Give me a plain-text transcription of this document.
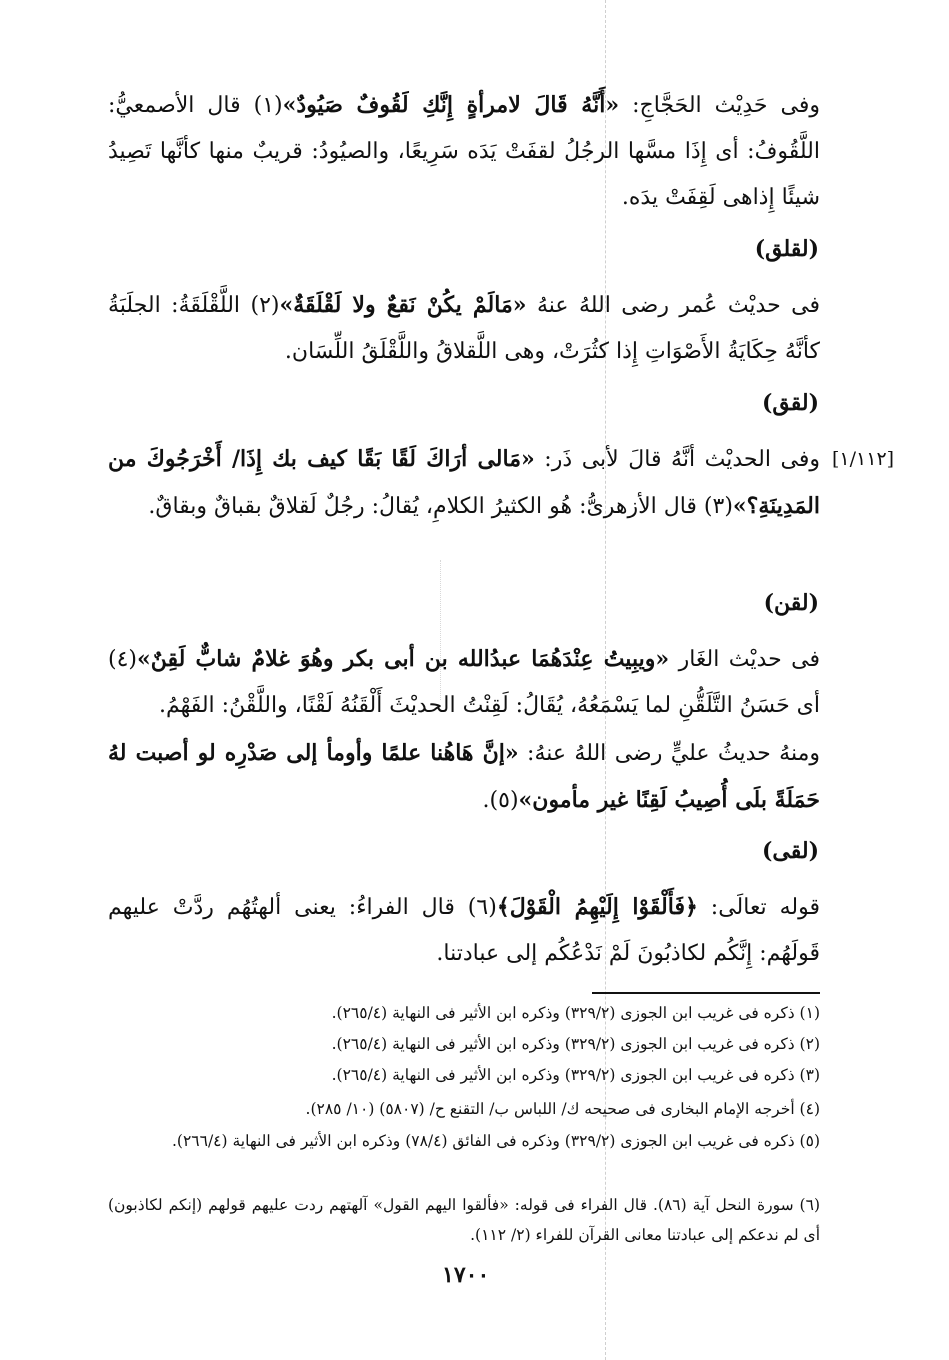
وفى حَدِيْث الحَجَّاجِ: «أَنَّهُ قَالَ لامرأةٍ إِنَّكِ لَقُوفٌ صَيُودٌ»(١) قال الأصمعيُّ: اللَّقُوفُ: أى إِذَا مسَّها الرجُلُ لقفَتْ يَدَه سَرِيعًا، والصيُودُ: قريبٌ منها كأنَّها تَصِيدُ شيئًا إِذاهى لَقِفَتْ يدَه.
(لقلق)
فى حديْث عُمر رضى اللهُ عنهُ «مَالَمْ يكُنْ نَقعٌ ولا لَقْلَقَةٌ»(٢) اللَّقْلَقَةُ: الجلَبَةُ كأنَّهُ حِكَايَةُ الأَصْوَاتِ إِذا كثُرَتْ، وهى اللَّقلاقُ واللَّقْلَقُ اللِّسَان.
(لقق)
[١/١١٢]
وفى الحديْث أنَّهُ قالَ لأبى ذَر: «مَالى أرَاكَ لَقًا بَقًا كيف بك إِذَا/ أَخْرَجُوكَ من المَدِينَةِ؟»(٣) قال الأزهرىُّ: هُو الكثيرُ الكلامِ، يُقالُ: رجُلٌ لَقلاقٌ بقباقٌ وبقاقٌ.
(لقن)
فى حديْث الغَار «ويبِيتُ عِنْدَهُمَا عبدُالله بن أبى بكر وهُوَ غلامٌ شابٌّ لَقِنٌ»(٤) أى حَسَنُ التَّلَقُّنِ لما يَسْمَعُهُ، يُقَالُ: لَقِنْتُ الحديْثَ أَلْقَنُهُ لَقْنًا، واللَّقْنُ: الفَهْمُ.
ومنهُ حديثُ عليٍّ رضى اللهُ عنهُ: «إنَّ هَاهُنا علمًا وأومأ إلى صَدْرِه لو أصبت لهُ حَمَلَةً بلَى أُصِيبُ لَقِنًا غير مأمون»(٥).
(لقى)
قوله تعالَى: ﴿فَأَلْقَوْا إِلَيْهِمُ الْقَوْلَ﴾(٦) قال الفراءُ: يعنى ألهتُهُم ردَّتْ عليهم قَولَهُم: إِنَّكُم لكاذبُونَ لَمْ نَدْعُكُم إلى عبادتنا.
(١) ذكره فى غريب ابن الجوزى (٣٢٩/٢) وذكره ابن الأثير فى النهاية (٢٦٥/٤).
(٢) ذكره فى غريب ابن الجوزى (٣٢٩/٢) وذكره ابن الأثير فى النهاية (٢٦٥/٤).
(٣) ذكره فى غريب ابن الجوزى (٣٢٩/٢) وذكره ابن الأثير فى النهاية (٢٦٥/٤).
(٤) أخرجه الإمام البخارى فى صحيحه ك/ اللباس ب/ التقنع ح/ (٥٨٠٧) (١٠/ ٢٨٥).
(٥) ذكره فى غريب ابن الجوزى (٣٢٩/٢) وذكره فى الفائق (٧٨/٤) وذكره ابن الأثير فى النهاية (٢٦٦/٤).
(٦) سورة النحل آية (٨٦). قال الفراء فى قوله: «فألقوا اليهم القول» آلهتهم ردت عليهم قولهم (إنكم لكاذبون) أى لم ندعكم إلى عبادتنا معانى القرآن للفراء (٢/ ١١٢).
١٧٠٠
